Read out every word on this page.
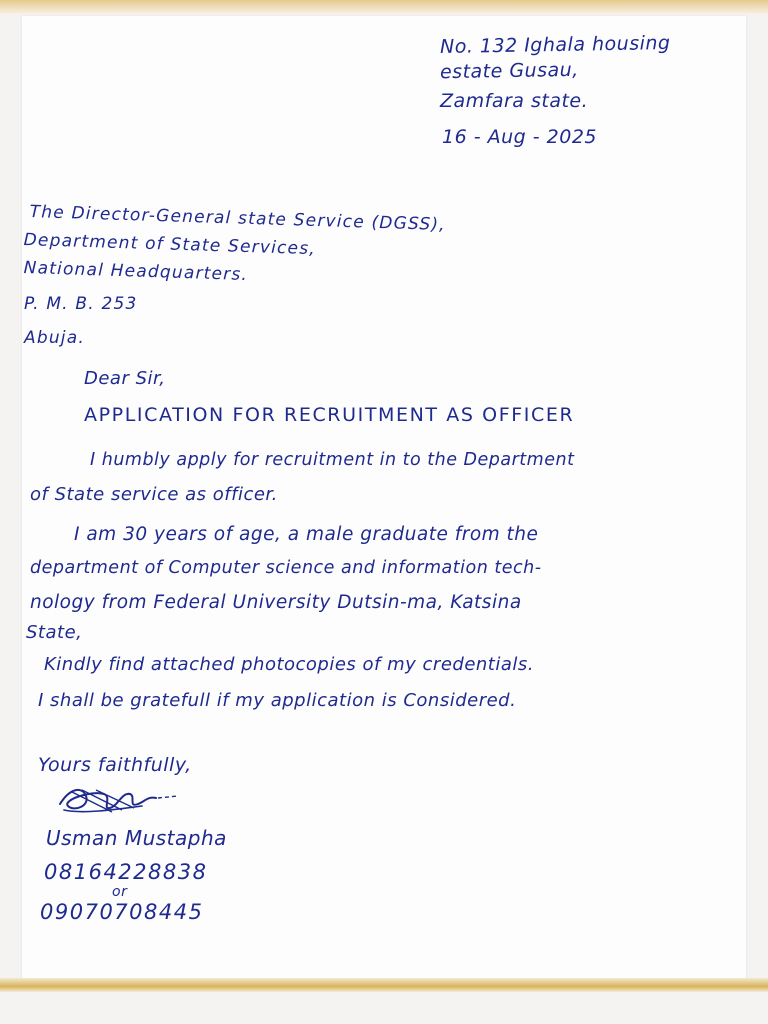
No. 132 Ighala housing
estate Gusau,
Zamfara state.
16 - Aug - 2025
The Director-General state Service (DGSS),
Department of State Services,
National Headquarters.
P. M. B. 253
Abuja.
Dear Sir,
APPLICATION FOR RECRUITMENT AS OFFICER
I humbly apply for recruitment in to the Department
of State service as officer.
I am 30 years of age, a male graduate from the
department of Computer science and information tech-
nology from Federal University Dutsin-ma, Katsina
State,
Kindly find attached photocopies of my credentials.
I shall be gratefull if my application is Considered.
Yours faithfully,
Usman Mustapha
08164228838
or
09070708445
